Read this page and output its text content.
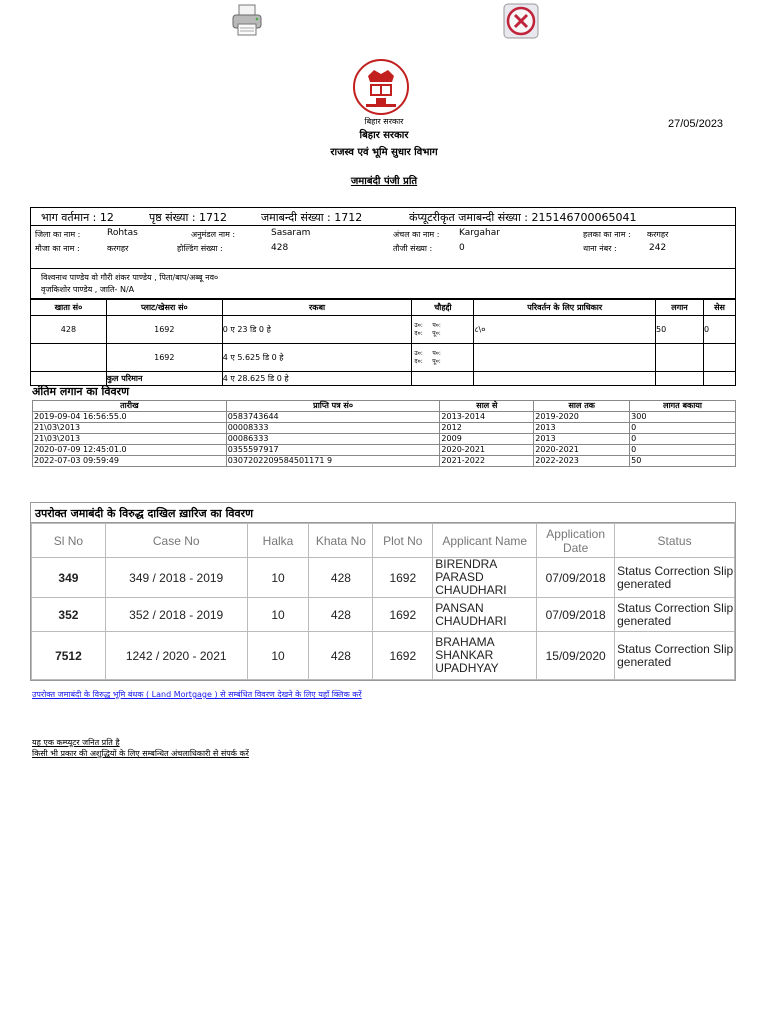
बिहार सरकार
बिहार सरकार
राजस्व एवं भूमि सुधार विभाग
27/05/2023
जमाबंदी पंजी प्रति
भाग वर्तमान : 12	पृष्ठ संख्या : 1712	जमाबन्दी संख्या : 1712	कंप्यूटरीकृत जमाबन्दी संख्या : 215146700065041
जिला का नाम :	Rohtas	अनुमंडल नाम :	Sasaram	अंचल का नाम : Kargahar	हलका का नाम : करगहर
मौजा का नाम :	करगहर	होल्डिंग संख्या :	428	तौजी संख्या :	0	थाना नंबर :	242
विश्वनाथ पाण्डेय वो गौरी शंकर पाण्डेय , पिता/बाप/अब्बू नव०
वृजकिशोर पाण्डेय , जाति- N/A
खाता सं०	प्लाट/खेसरा सं०	रकबा	चौहद्दी	परिवर्तन के लिए प्राधिकार	लगान	सेस
428	1692	0 ए 23 डि 0 हे	उ०: प०:
द०: पू०:	८\०	50	0
	1692	4 ए 5.625 डि 0 हे	उ०: प०:
द०: पू०:			
	कुल परिमान	4 ए 28.625 डि 0 हे				
अंतिम लगान का विवरण
तारीख	प्राप्ति पत्र सं०	साल से	साल तक	लागत बकाया
2019-09-04 16:56:55.0	0583743644	2013-2014	2019-2020	300
21\03\2013	00008333	2012	2013	0
21\03\2013	00086333	2009	2013	0
2020-07-09 12:45:01.0	0355597917	2020-2021	2020-2021	0
2022-07-03 09:59:49	0307202209584501171 9	2021-2022	2022-2023	50
उपरोक्त जमाबंदी के विरुद्ध दाखिल ख़ारिज का विवरण
Sl No	Case No	Halka	Khata No	Plot No	Applicant Name	Application Date	Status
349	349 / 2018 - 2019	10	428	1692	BIRENDRA PARASD CHAUDHARI	07/09/2018	Status Correction Slip generated
352	352 / 2018 - 2019	10	428	1692	PANSAN CHAUDHARI	07/09/2018	Status Correction Slip generated
7512	1242 / 2020 - 2021	10	428	1692	BRAHAMA SHANKAR UPADHYAY	15/09/2020	Status Correction Slip generated
उपरोक्त जमाबंदी के विरुद्ध भूमि बंधक ( Land Mortgage ) से सम्बंधित विवरण देखने के लिए यहाँ क्लिक करें
यह एक कम्प्यूटर जनित प्रति है
किसी भी प्रकार की अशुद्धियों के लिए सम्बन्धित अंचलाधिकारी से संपर्क करें
